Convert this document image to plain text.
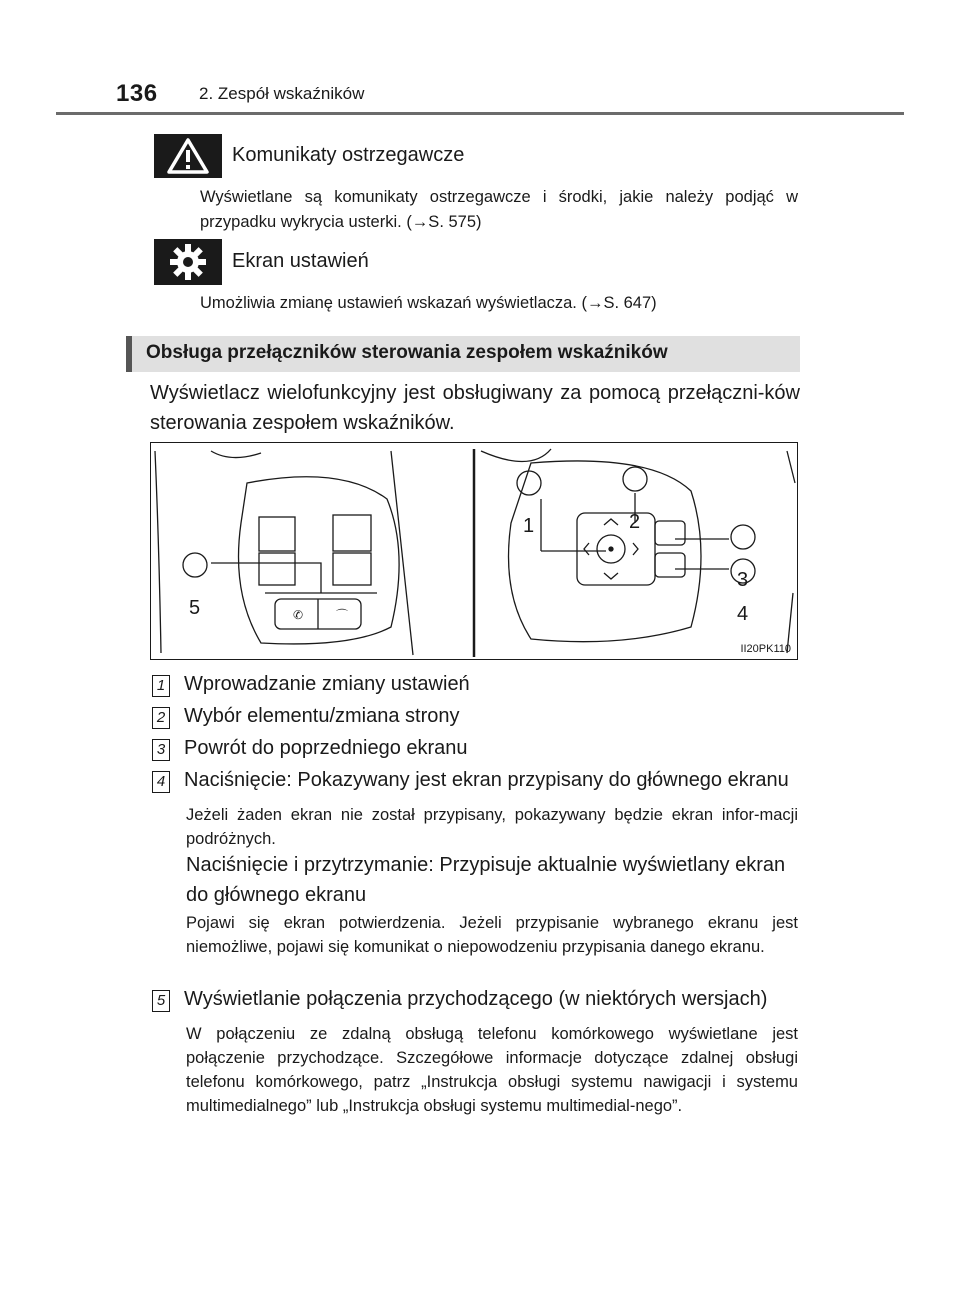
136 2. Zespół wskaźników
Komunikaty ostrzegawcze
Wyświetlane są komunikaty ostrzegawcze i środki, jakie należy podjąć w przypadku wykrycia usterki. (→S. 575)
Ekran ustawień
Umożliwia zmianę ustawień wskazań wyświetlacza. (→S. 647)
Obsługa przełączników sterowania zespołem wskaźników
Wyświetlacz wielofunkcyjny jest obsługiwany za pomocą przełączni-ków sterowania zespołem wskaźników.
✆	⌒
1	2
3
4
5
II20PK110
1 Wprowadzanie zmiany ustawień
2 Wybór elementu/zmiana strony
3 Powrót do poprzedniego ekranu
4 Naciśnięcie: Pokazywany jest ekran przypisany do głównego ekranu
Jeżeli żaden ekran nie został przypisany, pokazywany będzie ekran infor-macji podróżnych.
Naciśnięcie i przytrzymanie: Przypisuje aktualnie wyświetlany ekran do głównego ekranu
Pojawi się ekran potwierdzenia. Jeżeli przypisanie wybranego ekranu jest niemożliwe, pojawi się komunikat o niepowodzeniu przypisania danego ekranu.
5 Wyświetlanie połączenia przychodzącego (w niektórych wersjach)
W połączeniu ze zdalną obsługą telefonu komórkowego wyświetlane jest połączenie przychodzące. Szczegółowe informacje dotyczące zdalnej obsługi telefonu komórkowego, patrz „Instrukcja obsługi systemu nawigacji i systemu multimedialnego” lub „Instrukcja obsługi systemu multimedial-nego”.
